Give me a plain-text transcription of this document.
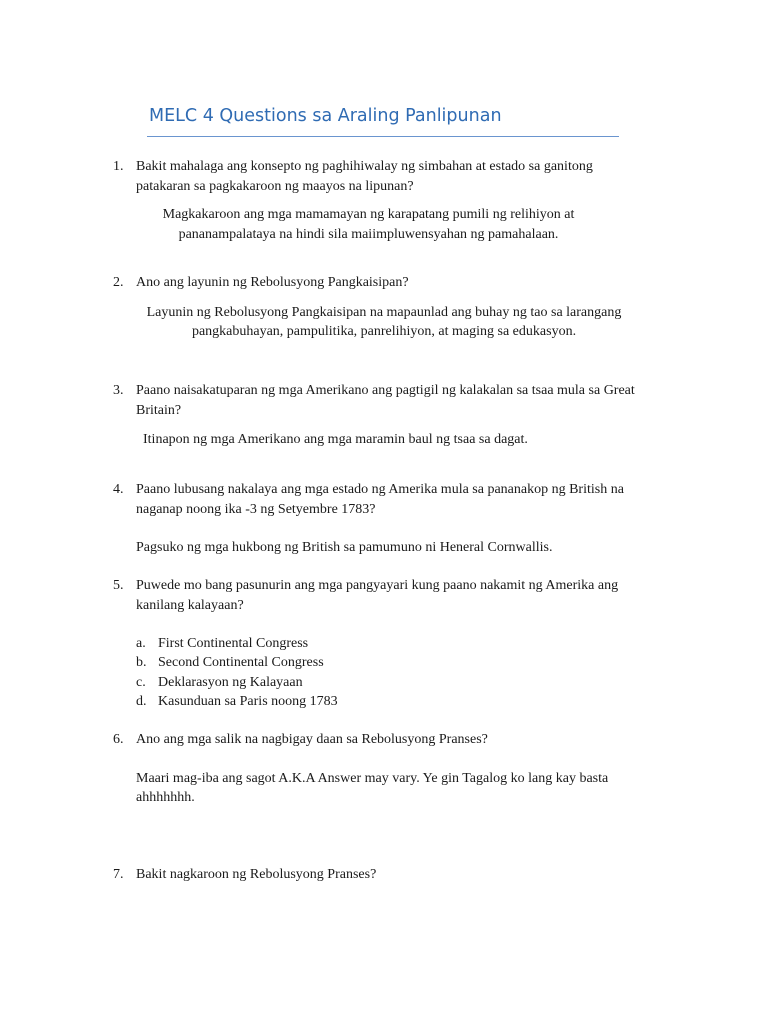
MELC 4 Questions sa Araling Panlipunan
1. Bakit mahalaga ang konsepto ng paghihiwalay ng simbahan at estado sa ganitong
patakaran sa pagkakaroon ng maayos na lipunan?
Magkakaroon ang mga mamamayan ng karapatang pumili ng relihiyon at
pananampalataya na hindi sila maiimpluwensyahan ng pamahalaan.
2. Ano ang layunin ng Rebolusyong Pangkaisipan?
Layunin ng Rebolusyong Pangkaisipan na mapaunlad ang buhay ng tao sa larangang
pangkabuhayan, pampulitika, panrelihiyon, at maging sa edukasyon.
3. Paano naisakatuparan ng mga Amerikano ang pagtigil ng kalakalan sa tsaa mula sa Great
Britain?
Itinapon ng mga Amerikano ang mga maramin baul ng tsaa sa dagat.
4. Paano lubusang nakalaya ang mga estado ng Amerika mula sa pananakop ng British na
naganap noong ika -3 ng Setyembre 1783?
Pagsuko ng mga hukbong ng British sa pamumuno ni Heneral Cornwallis.
5. Puwede mo bang pasunurin ang mga pangyayari kung paano nakamit ng Amerika ang
kanilang kalayaan?
a. First Continental Congress
b. Second Continental Congress
c. Deklarasyon ng Kalayaan
d. Kasunduan sa Paris noong 1783
6. Ano ang mga salik na nagbigay daan sa Rebolusyong Pranses?
Maari mag-iba ang sagot A.K.A Answer may vary. Ye gin Tagalog ko lang kay basta
ahhhhhhh.
7. Bakit nagkaroon ng Rebolusyong Pranses?
